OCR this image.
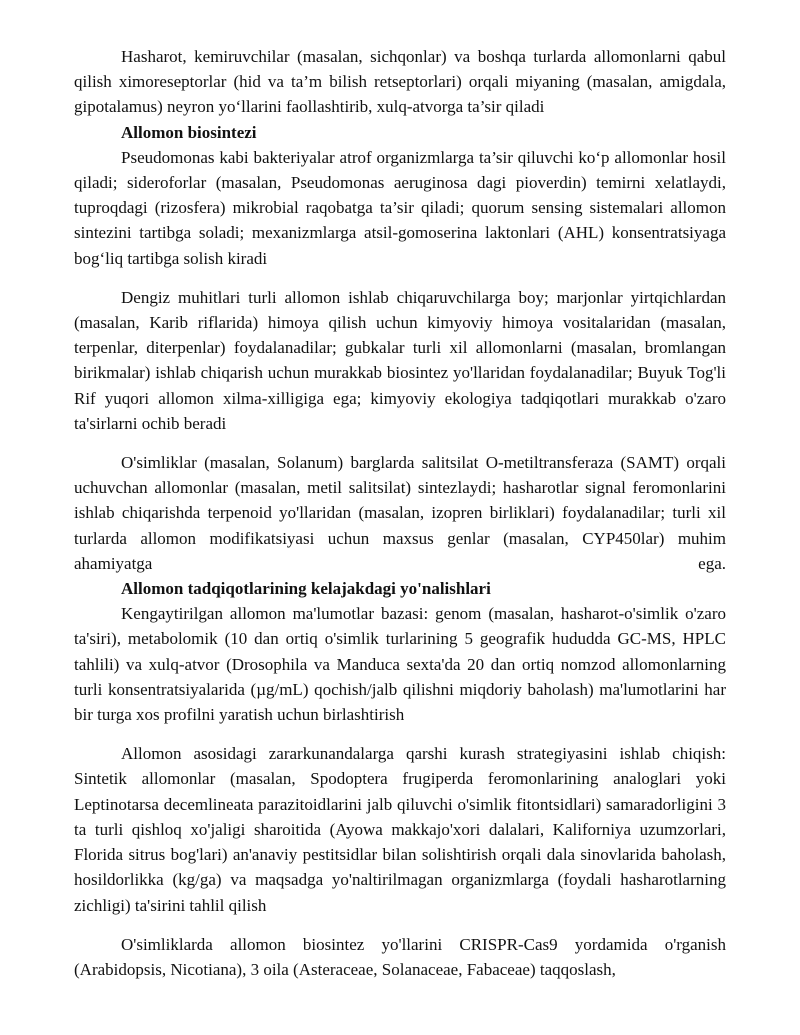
Hasharot, kemiruvchilar (masalan, sichqonlar) va boshqa turlarda allomonlarni qabul qilish ximoreseptorlar (hid va ta’m bilish retseptorlari) orqali miyaning (masalan, amigdala, gipotalamus) neyron yo‘llarini faollashtirib, xulq-atvorga ta’sir qiladi

Allomon biosintezi

Pseudomonas kabi bakteriyalar atrof organizmlarga ta’sir qiluvchi ko‘p allomonlar hosil qiladi; sideroforlar (masalan, Pseudomonas aeruginosa dagi pioverdin) temirni xelatlaydi, tuproqdagi (rizosfera) mikrobial raqobatga ta’sir qiladi; quorum sensing sistemalari allomon sintezini tartibga soladi; mexanizmlarga atsil-gomoserina laktonlari (AHL) konsentratsiyaga bog‘liq tartibga solish kiradi

Dengiz muhitlari turli allomon ishlab chiqaruvchilarga boy; marjonlar yirtqichlardan (masalan, Karib riflarida) himoya qilish uchun kimyoviy himoya vositalaridan (masalan, terpenlar, diterpenlar) foydalanadilar; gubkalar turli xil allomonlarni (masalan, bromlangan birikmalar) ishlab chiqarish uchun murakkab biosintez yo'llaridan foydalanadilar; Buyuk Tog'li Rif yuqori allomon xilma-xilligiga ega; kimyoviy ekologiya tadqiqotlari murakkab o'zaro ta'sirlarni ochib beradi

O'simliklar (masalan, Solanum) barglarda salitsilat O-metiltransferaza (SAMT) orqali uchuvchan allomonlar (masalan, metil salitsilat) sintezlaydi; hasharotlar signal feromonlarini ishlab chiqarishda terpenoid yo'llaridan (masalan, izopren birliklari) foydalanadilar; turli xil turlarda allomon modifikatsiyasi uchun maxsus genlar (masalan, CYP450lar) muhim ahamiyatga ega.

Allomon tadqiqotlarining kelajakdagi yo'nalishlari

Kengaytirilgan allomon ma'lumotlar bazasi: genom (masalan, hasharot-o'simlik o'zaro ta'siri), metabolomik (10 dan ortiq o'simlik turlarining 5 geografik hududda GC-MS, HPLC tahlili) va xulq-atvor (Drosophila va Manduca sexta'da 20 dan ortiq nomzod allomonlarning turli konsentratsiyalarida (µg/mL) qochish/jalb qilishni miqdoriy baholash) ma'lumotlarini har bir turga xos profilni yaratish uchun birlashtirish

Allomon asosidagi zararkunandalarga qarshi kurash strategiyasini ishlab chiqish: Sintetik allomonlar (masalan, Spodoptera frugiperda feromonlarining analoglari yoki Leptinotarsa decemlineata parazitoidlarini jalb qiluvchi o'simlik fitontsidlari) samaradorligini 3 ta turli qishloq xo'jaligi sharoitida (Ayowa makkajo'xori dalalari, Kaliforniya uzumzorlari, Florida sitrus bog'lari) an'anaviy pestitsidlar bilan solishtirish orqali dala sinovlarida baholash, hosildorlikka (kg/ga) va maqsadga yo'naltirilmagan organizmlarga (foydali hasharotlarning zichligi) ta'sirini tahlil qilish

O'simliklarda allomon biosintez yo'llarini CRISPR-Cas9 yordamida o'rganish (Arabidopsis, Nicotiana), 3 oila (Asteraceae, Solanaceae, Fabaceae) taqqoslash,
